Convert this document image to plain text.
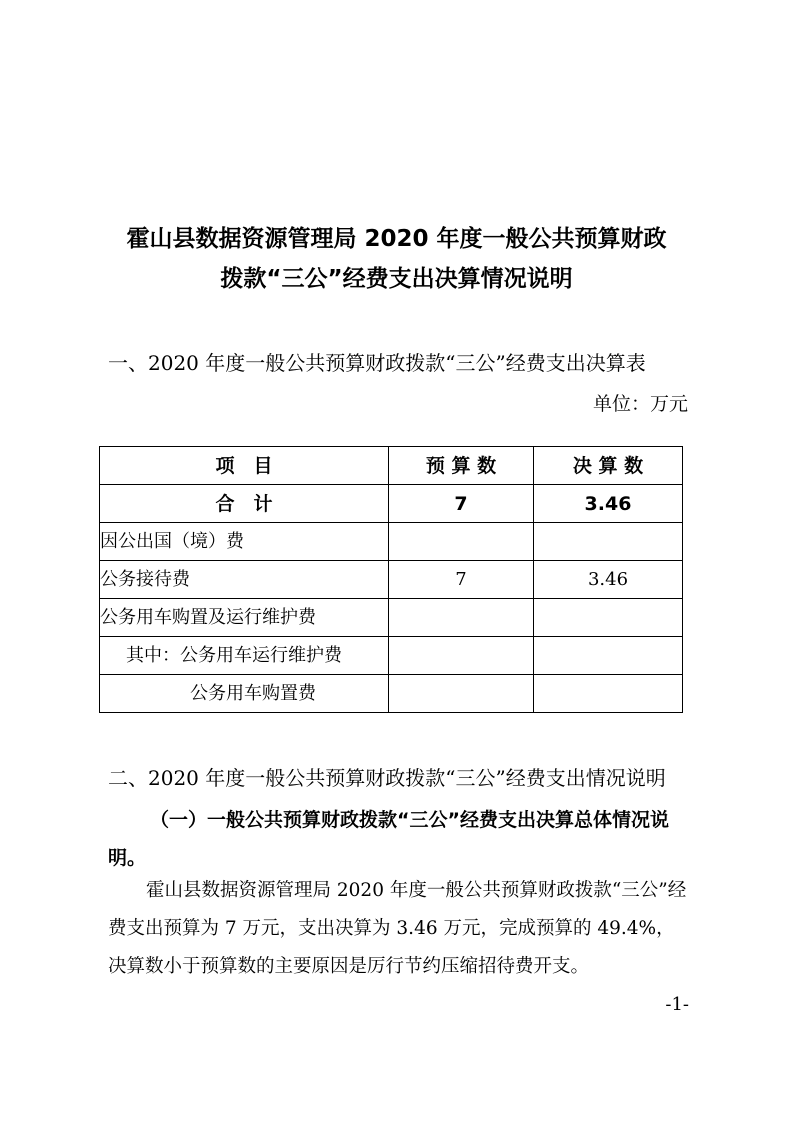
霍山县数据资源管理局 2020 年度一般公共预算财政
拨款“三公”经费支出决算情况说明
一、2020 年度一般公共预算财政拨款“三公”经费支出决算表
单位：万元
项　目	预 算 数	决 算 数
合　计	7	3.46
因公出国（境）费		
公务接待费	7	3.46
公务用车购置及运行维护费		
其中：公务用车运行维护费		
公务用车购置费		
二、2020 年度一般公共预算财政拨款“三公”经费支出情况说明
（一）一般公共预算财政拨款“三公”经费支出决算总体情况说明。
霍山县数据资源管理局 2020 年度一般公共预算财政拨款“三公”经费支出预算为 7 万元，支出决算为 3.46 万元，完成预算的 49.4%，决算数小于预算数的主要原因是厉行节约压缩招待费开支。
-1-
